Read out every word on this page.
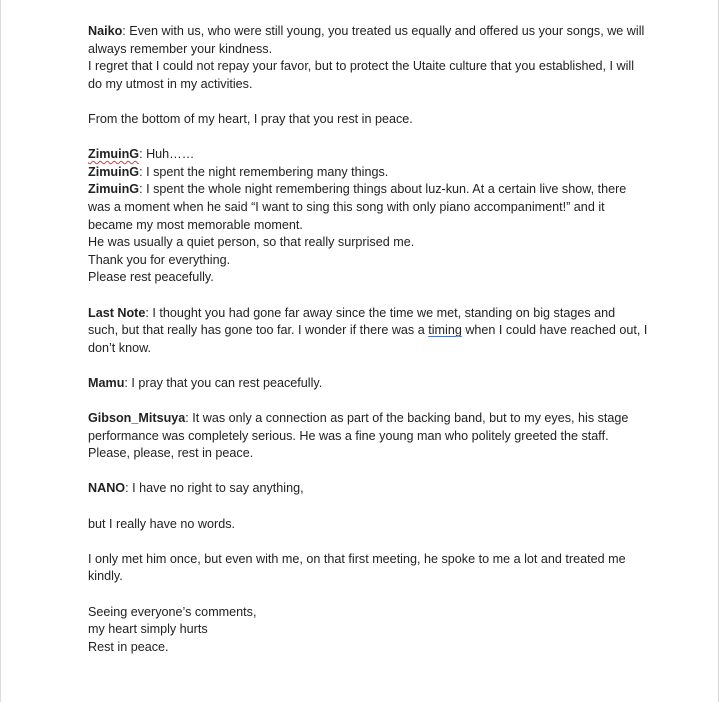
Naiko: Even with us, who were still young, you treated us equally and offered us your songs, we will always remember your kindness.

I regret that I could not repay your favor, but to protect the Utaite culture that you established, I will do my utmost in my activities.

From the bottom of my heart, I pray that you rest in peace.

ZimuinG: Huh……

ZimuinG: I spent the night remembering many things.

ZimuinG: I spent the whole night remembering things about luz-kun. At a certain live show, there was a moment when he said “I want to sing this song with only piano accompaniment!” and it became my most memorable moment.

He was usually a quiet person, so that really surprised me.

Thank you for everything.

Please rest peacefully.

Last Note: I thought you had gone far away since the time we met, standing on big stages and such, but that really has gone too far. I wonder if there was a timing when I could have reached out, I don’t know.

Mamu: I pray that you can rest peacefully.

Gibson_Mitsuya: It was only a connection as part of the backing band, but to my eyes, his stage performance was completely serious. He was a fine young man who politely greeted the staff.

Please, please, rest in peace.

NANO: I have no right to say anything,

but I really have no words.

I only met him once, but even with me, on that first meeting, he spoke to me a lot and treated me kindly.

Seeing everyone’s comments,

my heart simply hurts

Rest in peace.
